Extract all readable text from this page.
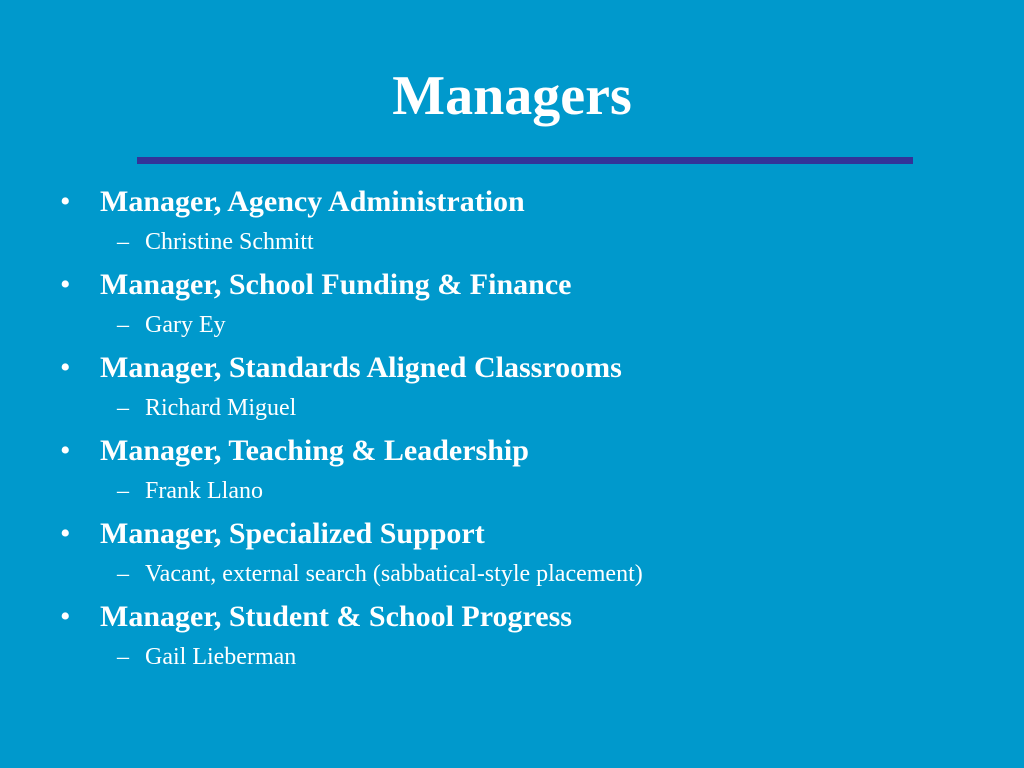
Managers
• Manager, Agency Administration
– Christine Schmitt
• Manager, School Funding & Finance
– Gary Ey
• Manager, Standards Aligned Classrooms
– Richard Miguel
• Manager, Teaching & Leadership
– Frank Llano
• Manager, Specialized Support
– Vacant, external search (sabbatical-style placement)
• Manager, Student & School Progress
– Gail Lieberman
